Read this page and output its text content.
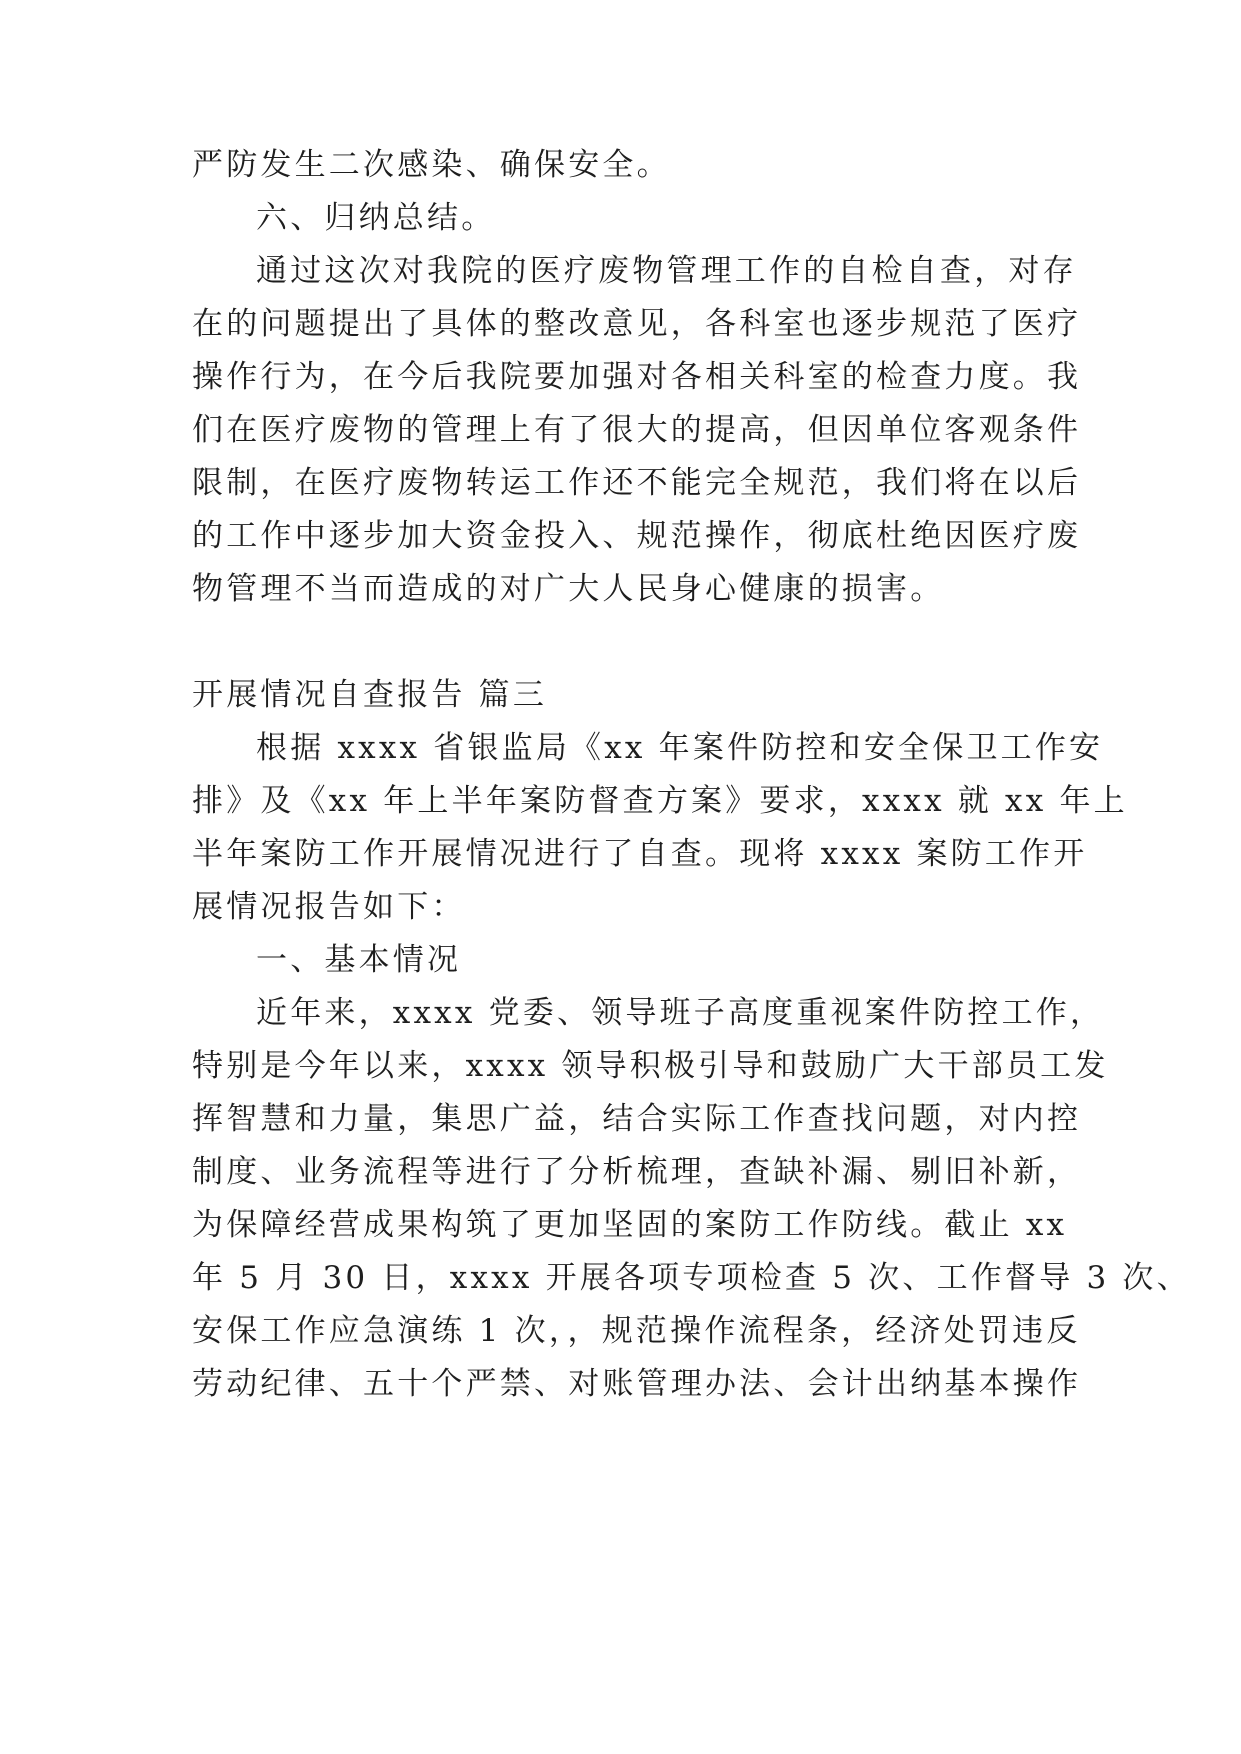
严防发生二次感染、确保安全。
六、归纳总结。
通过这次对我院的医疗废物管理工作的自检自查，对存
在的问题提出了具体的整改意见，各科室也逐步规范了医疗
操作行为，在今后我院要加强对各相关科室的检查力度。我
们在医疗废物的管理上有了很大的提高，但因单位客观条件
限制，在医疗废物转运工作还不能完全规范，我们将在以后
的工作中逐步加大资金投入、规范操作，彻底杜绝因医疗废
物管理不当而造成的对广大人民身心健康的损害。
开展情况自查报告 篇三
根据 xxxx 省银监局《xx 年案件防控和安全保卫工作安
排》及《xx 年上半年案防督查方案》要求，xxxx 就 xx 年上
半年案防工作开展情况进行了自查。现将 xxxx 案防工作开
展情况报告如下：
一、基本情况
近年来，xxxx 党委、领导班子高度重视案件防控工作，
特别是今年以来，xxxx 领导积极引导和鼓励广大干部员工发
挥智慧和力量，集思广益，结合实际工作查找问题，对内控
制度、业务流程等进行了分析梳理，查缺补漏、剔旧补新，
为保障经营成果构筑了更加坚固的案防工作防线。截止 xx
年 5 月 30 日，xxxx 开展各项专项检查 5 次、工作督导 3 次、
安保工作应急演练 1 次，，规范操作流程条，经济处罚违反
劳动纪律、五十个严禁、对账管理办法、会计出纳基本操作
